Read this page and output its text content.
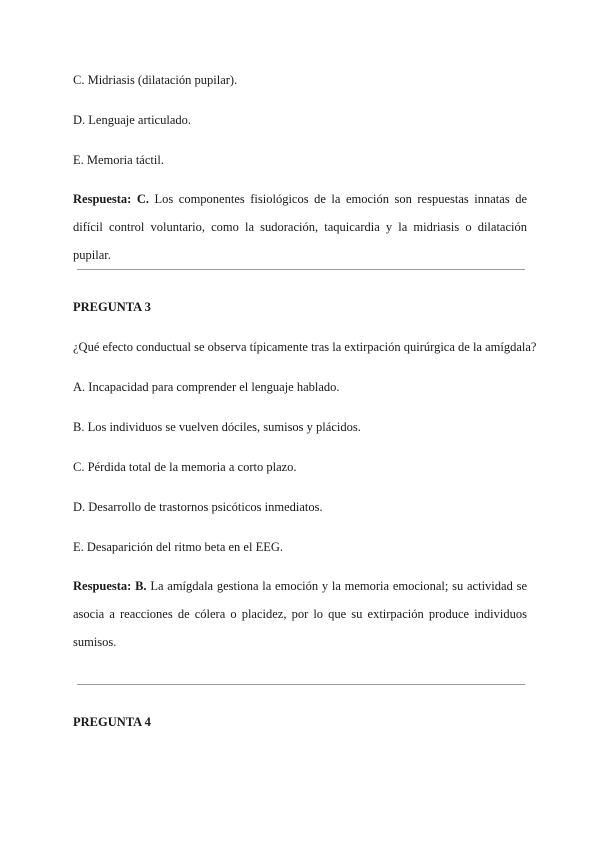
C. Midriasis (dilatación pupilar).
D. Lenguaje articulado.
E. Memoria táctil.
Respuesta: C. Los componentes fisiológicos de la emoción son respuestas innatas de difícil control voluntario, como la sudoración, taquicardia y la midriasis o dilatación pupilar.
PREGUNTA 3
¿Qué efecto conductual se observa típicamente tras la extirpación quirúrgica de la amígdala?
A. Incapacidad para comprender el lenguaje hablado.
B. Los individuos se vuelven dóciles, sumisos y plácidos.
C. Pérdida total de la memoria a corto plazo.
D. Desarrollo de trastornos psicóticos inmediatos.
E. Desaparición del ritmo beta en el EEG.
Respuesta: B. La amígdala gestiona la emoción y la memoria emocional; su actividad se asocia a reacciones de cólera o placidez, por lo que su extirpación produce individuos sumisos.
PREGUNTA 4
